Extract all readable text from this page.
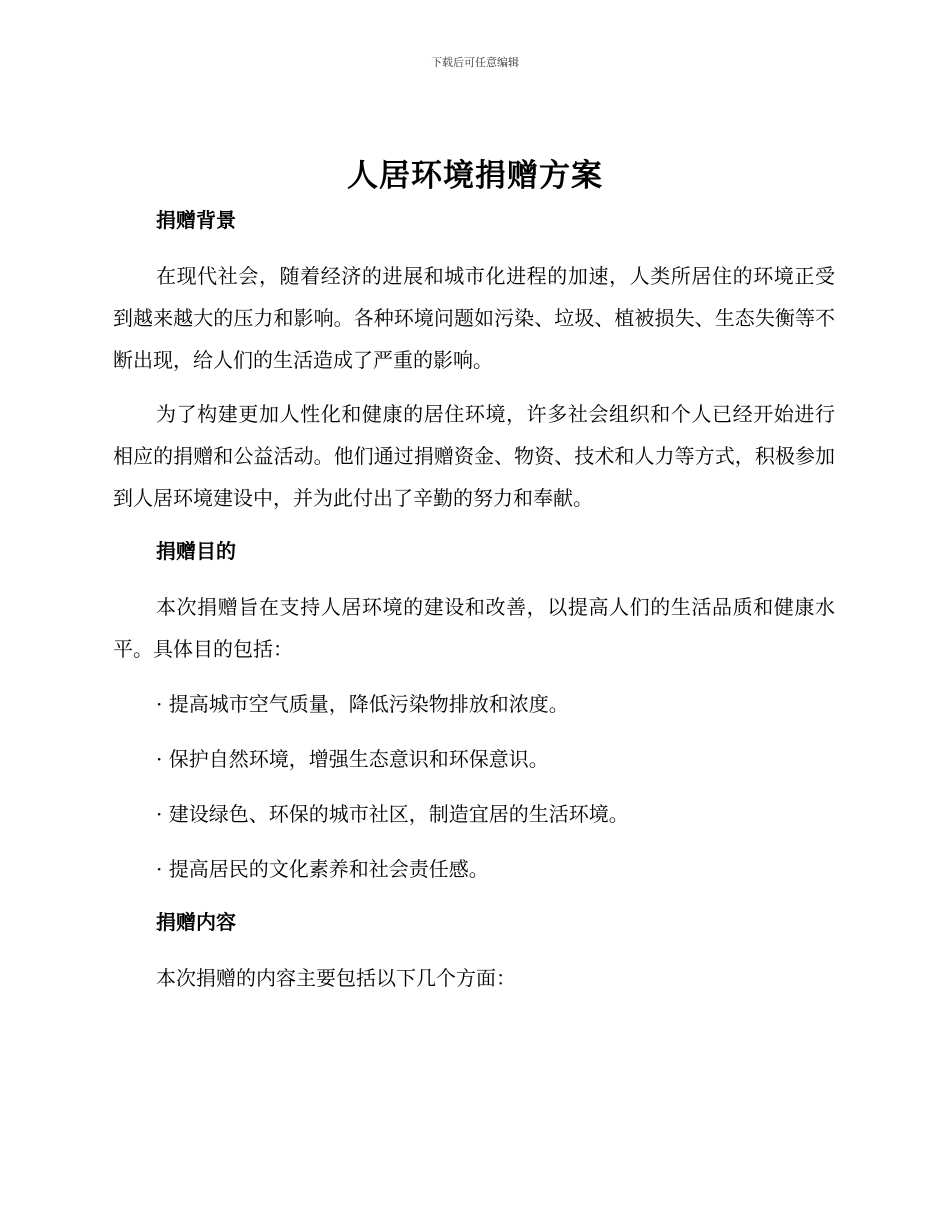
下载后可任意编辑
人居环境捐赠方案

捐赠背景

在现代社会，随着经济的进展和城市化进程的加速，人类所居住的环境正受到越来越大的压力和影响。各种环境问题如污染、垃圾、植被损失、生态失衡等不断出现，给人们的生活造成了严重的影响。

为了构建更加人性化和健康的居住环境，许多社会组织和个人已经开始进行相应的捐赠和公益活动。他们通过捐赠资金、物资、技术和人力等方式，积极参加到人居环境建设中，并为此付出了辛勤的努力和奉献。

捐赠目的

本次捐赠旨在支持人居环境的建设和改善，以提高人们的生活品质和健康水平。具体目的包括：

· 提高城市空气质量，降低污染物排放和浓度。

· 保护自然环境，增强生态意识和环保意识。

· 建设绿色、环保的城市社区，制造宜居的生活环境。

· 提高居民的文化素养和社会责任感。

捐赠内容

本次捐赠的内容主要包括以下几个方面：
